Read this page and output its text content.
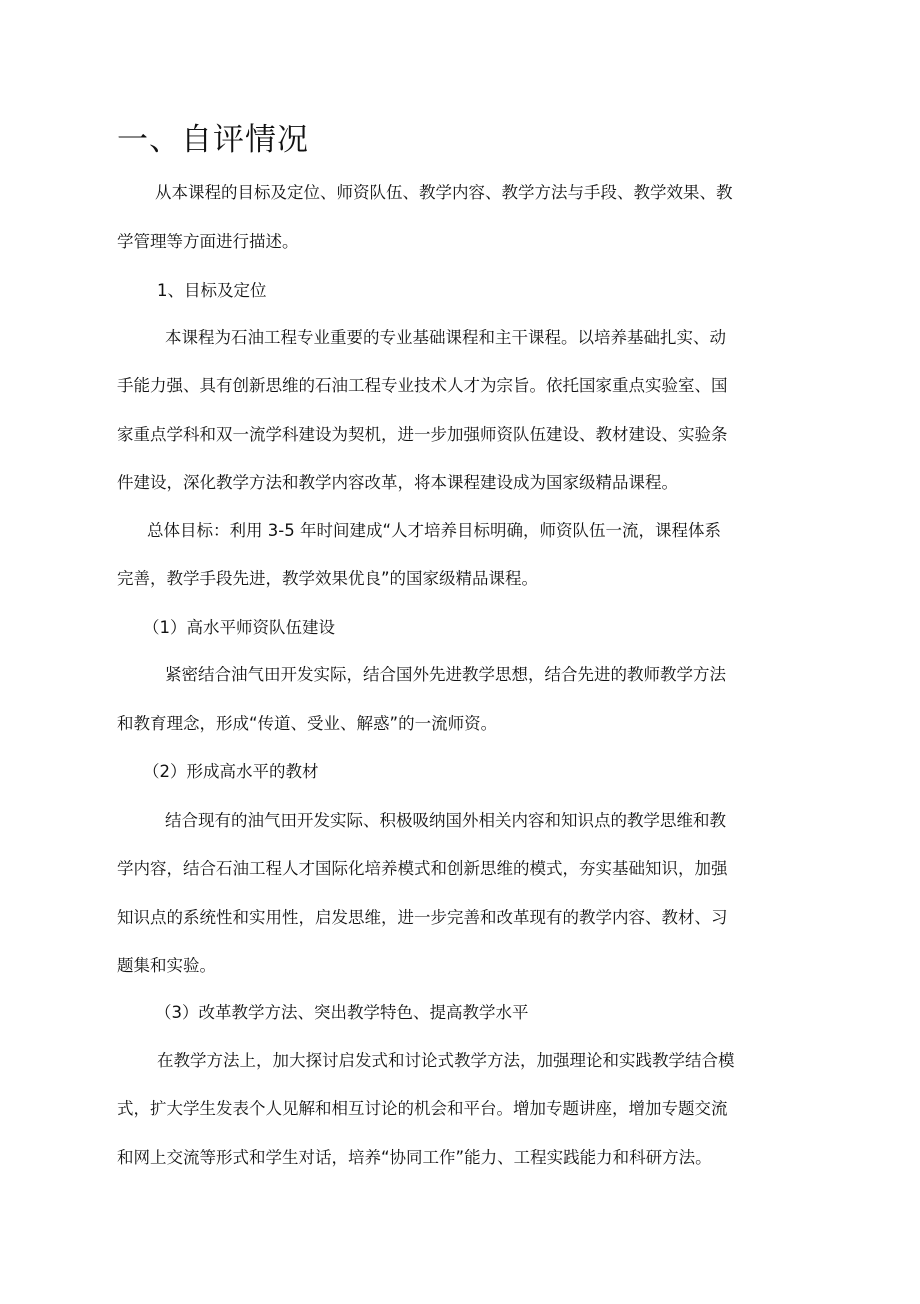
一、自评情况

从本课程的目标及定位、师资队伍、教学内容、教学方法与手段、教学效果、教

学管理等方面进行描述。

1、目标及定位

本课程为石油工程专业重要的专业基础课程和主干课程。以培养基础扎实、动

手能力强、具有创新思维的石油工程专业技术人才为宗旨。依托国家重点实验室、国

家重点学科和双一流学科建设为契机，进一步加强师资队伍建设、教材建设、实验条

件建设，深化教学方法和教学内容改革，将本课程建设成为国家级精品课程。

总体目标：利用 3-5 年时间建成“人才培养目标明确，师资队伍一流，课程体系

完善，教学手段先进，教学效果优良”的国家级精品课程。

（1）高水平师资队伍建设

紧密结合油气田开发实际，结合国外先进教学思想，结合先进的教师教学方法

和教育理念，形成“传道、受业、解惑”的一流师资。

（2）形成高水平的教材

结合现有的油气田开发实际、积极吸纳国外相关内容和知识点的教学思维和教

学内容，结合石油工程人才国际化培养模式和创新思维的模式，夯实基础知识，加强

知识点的系统性和实用性，启发思维，进一步完善和改革现有的教学内容、教材、习

题集和实验。

（3）改革教学方法、突出教学特色、提高教学水平

在教学方法上，加大探讨启发式和讨论式教学方法，加强理论和实践教学结合模

式，扩大学生发表个人见解和相互讨论的机会和平台。增加专题讲座，增加专题交流

和网上交流等形式和学生对话，培养“协同工作”能力、工程实践能力和科研方法。
